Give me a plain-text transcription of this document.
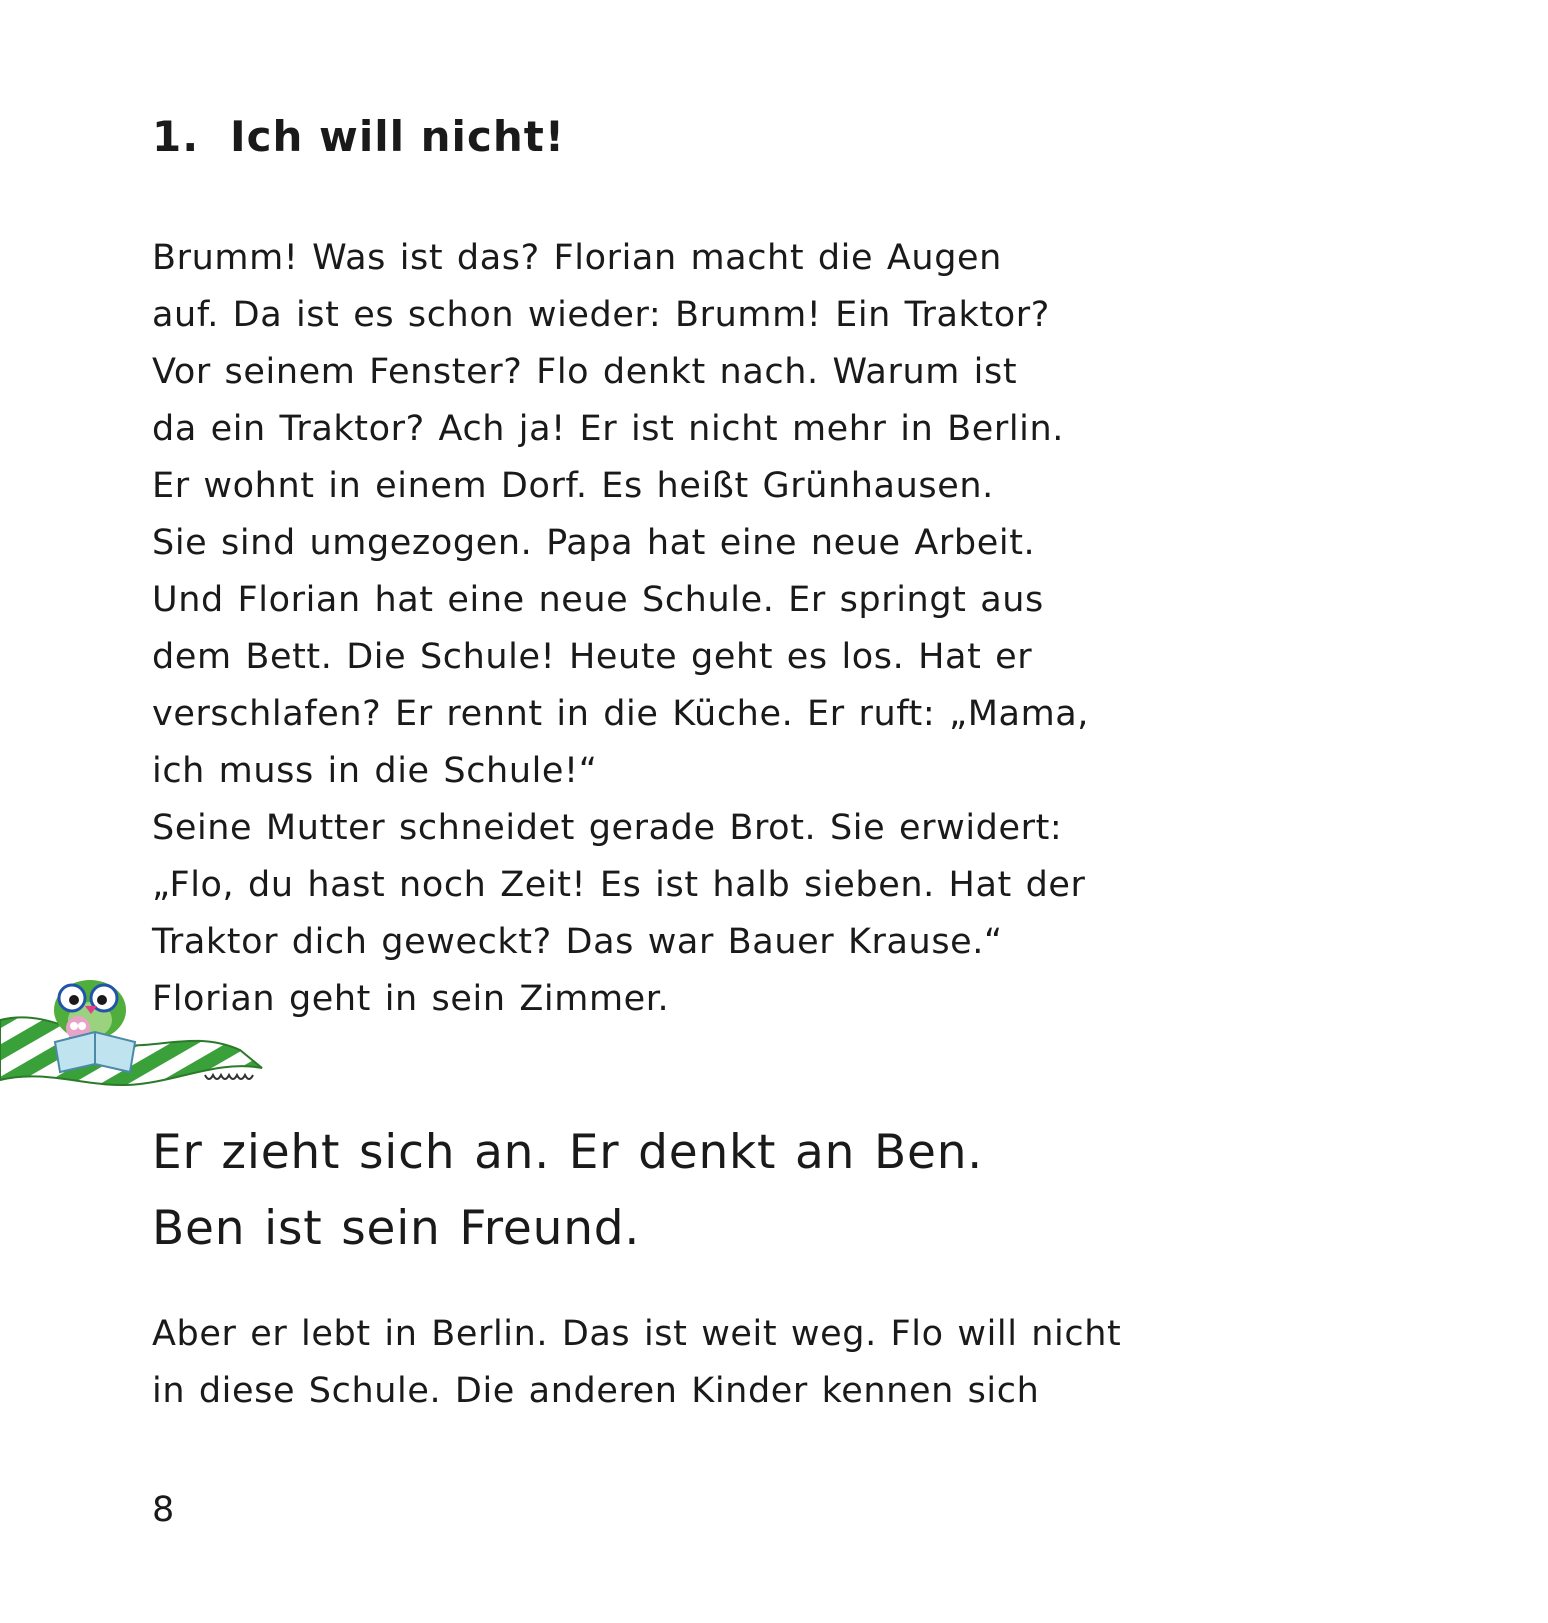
1. Ich will nicht!

Brumm! Was ist das? Florian macht die Augen
auf. Da ist es schon wieder: Brumm! Ein Traktor?
Vor seinem Fenster? Flo denkt nach. Warum ist
da ein Traktor? Ach ja! Er ist nicht mehr in Berlin.
Er wohnt in einem Dorf. Es heißt Grünhausen.
Sie sind umgezogen. Papa hat eine neue Arbeit.
Und Florian hat eine neue Schule. Er springt aus
dem Bett. Die Schule! Heute geht es los. Hat er
verschlafen? Er rennt in die Küche. Er ruft: „Mama,
ich muss in die Schule!“
Seine Mutter schneidet gerade Brot. Sie erwidert:
„Flo, du hast noch Zeit! Es ist halb sieben. Hat der
Traktor dich geweckt? Das war Bauer Krause.“
Florian geht in sein Zimmer.

Er zieht sich an. Er denkt an Ben.
Ben ist sein Freund.

Aber er lebt in Berlin. Das ist weit weg. Flo will nicht
in diese Schule. Die anderen Kinder kennen sich

8
